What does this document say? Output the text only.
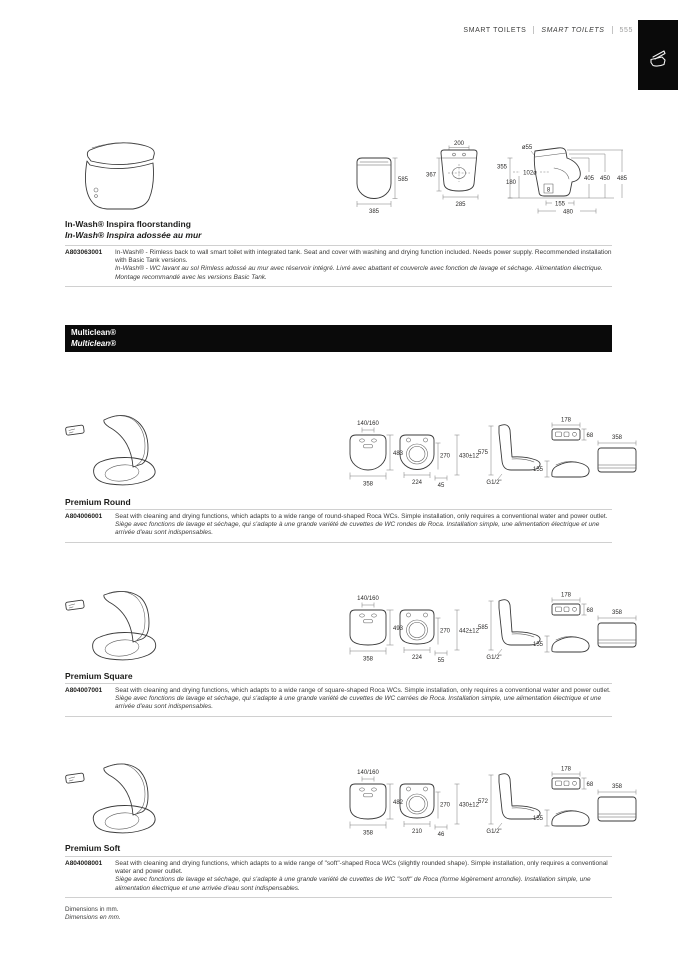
SMART TOILETS SMART TOILETS 555
585
385
200
367
285
ø55
355
102ø
180
8
405 450 485
155
480
In-Wash® Inspira floorstanding
In-Wash® Inspira adossée au mur
A803063001	In-Wash® - Rimless back to wall smart toilet with integrated tank. Seat and cover with washing and drying function included. Needs power supply. Recommended installation with Basic Tank versions.
In-Wash® - WC lavant au sol Rimless adossé au mur avec réservoir intégré. Livré avec abattant et couvercle avec fonction de lavage et séchage. Alimentation électrique. Montage recommandé avec les versions Basic Tank.
Multiclean®
Multiclean®
140/160
483
358	224
270 430±12
45
575
G1/2"
178
68
155
358
Premium Round
A804006001	Seat with cleaning and drying functions, which adapts to a wide range of round-shaped Roca WCs. Simple installation, only requires a conventional water and power outlet.
Siège avec fonctions de lavage et séchage, qui s'adapte à une grande variété de cuvettes de WC rondes de Roca. Installation simple, une alimentation électrique et une arrivée d'eau sont indispensables.
140/160
493
358	224
270 442±12
55
585
G1/2"
178
68
155
358
Premium Square
A804007001	Seat with cleaning and drying functions, which adapts to a wide range of square-shaped Roca WCs. Simple installation, only requires a conventional water and power outlet.
Siège avec fonctions de lavage et séchage, qui s'adapte à une grande variété de cuvettes de WC carrées de Roca. Installation simple, une alimentation électrique et une arrivée d'eau sont indispensables.
140/160
482
358	210
270 430±12
46
572
G1/2"
178
68
155
358
Premium Soft
A804008001	Seat with cleaning and drying functions, which adapts to a wide range of "soft"-shaped Roca WCs (slightly rounded shape). Simple installation, only requires a conventional water and power outlet.
Siège avec fonctions de lavage et séchage, qui s'adapte à une grande variété de cuvettes de WC "soft" de Roca (forme légèrement arrondie). Installation simple, une alimentation électrique et une arrivée d'eau sont indispensables.
Dimensions in mm.
Dimensions en mm.
